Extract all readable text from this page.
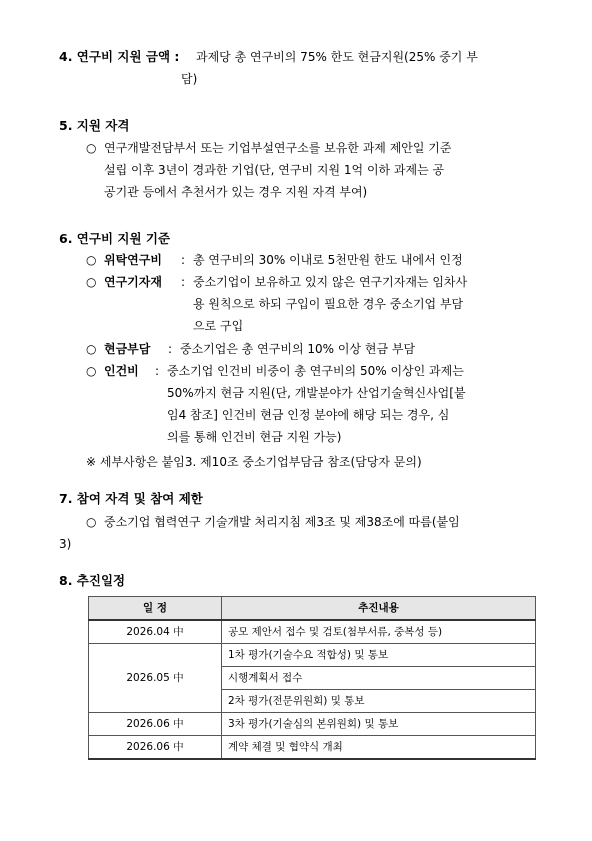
4. 연구비 지원 금액 : 과제당 총 연구비의 75% 한도 현금지원(25% 중기 부
담)
5. 지원 자격
○ 연구개발전담부서 또는 기업부설연구소를 보유한 과제 제안일 기준
설립 이후 3년이 경과한 기업(단, 연구비 지원 1억 이하 과제는 공
공기관 등에서 추천서가 있는 경우 지원 자격 부여)
6. 연구비 지원 기준
○ 위탁연구비 : 총 연구비의 30% 이내로 5천만원 한도 내에서 인정
○ 연구기자재 : 중소기업이 보유하고 있지 않은 연구기자재는 임차사
용 원칙으로 하되 구입이 필요한 경우 중소기업 부담
으로 구입
○ 현금부담 : 중소기업은 총 연구비의 10% 이상 현금 부담
○ 인건비 : 중소기업 인건비 비중이 총 연구비의 50% 이상인 과제는
50%까지 현금 지원(단, 개발분야가 산업기술혁신사업[붙
임4 참조] 인건비 현금 인정 분야에 해당 되는 경우, 심
의를 통해 인건비 현금 지원 가능)
※ 세부사항은 붙임3. 제10조 중소기업부담금 참조(담당자 문의)
7. 참여 자격 및 참여 제한
○ 중소기업 협력연구 기술개발 처리지침 제3조 및 제38조에 따름(붙임
3)
8. 추진일정
일 정	추진내용
2026.04 中	공모 제안서 접수 및 검토(첨부서류, 중복성 등)
2026.05 中	1차 평가(기술수요 적합성) 및 통보
	시행계획서 접수
	2차 평가(전문위원회) 및 통보
2026.06 中	3차 평가(기술심의 본위원회) 및 통보
2026.06 中	계약 체결 및 협약식 개최
